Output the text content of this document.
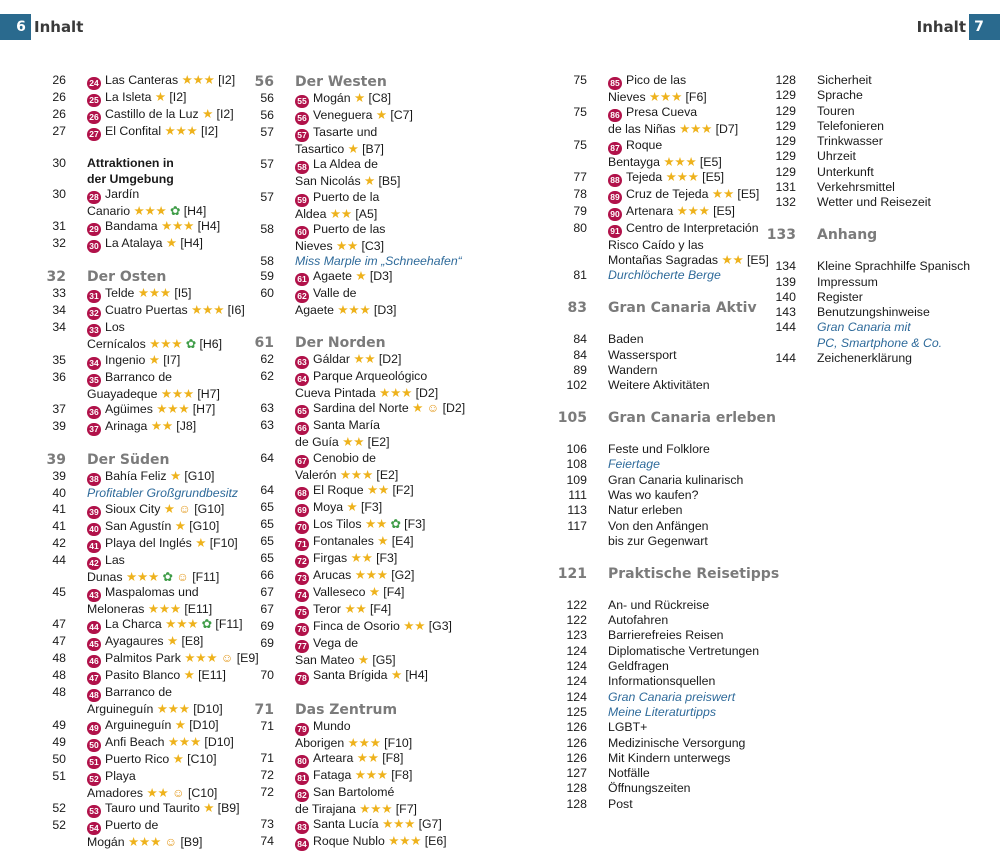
6 Inhalt	Inhalt 7
26	24 Las Canteras ★★★ [I2]
26	25 La Isleta ★ [I2]
26	26 Castillo de la Luz ★ [I2]
27	27 El Confital ★★★ [I2]
30	Attraktionen in
der Umgebung
30	28 Jardín
Canario ★★★ ✿ [H4]
31	29 Bandama ★★★ [H4]
32	30 La Atalaya ★ [H4]
32	Der Osten
33	31 Telde ★★★ [I5]
34	32 Cuatro Puertas ★★★ [I6]
34	33 Los
Cernícalos ★★★ ✿ [H6]
35	34 Ingenio ★ [I7]
36	35 Barranco de
Guayadeque ★★★ [H7]
37	36 Agüimes ★★★ [H7]
39	37 Arinaga ★★ [J8]
39	Der Süden
39	38 Bahía Feliz ★ [G10]
40	Profitabler Großgrundbesitz
41	39 Sioux City ★ ☺ [G10]
41	40 San Agustín ★ [G10]
42	41 Playa del Inglés ★ [F10]
44	42 Las
Dunas ★★★ ✿ ☺ [F11]
45	43 Maspalomas und
Meloneras ★★★ [E11]
47	44 La Charca ★★★ ✿ [F11]
47	45 Ayagaures ★ [E8]
48	46 Palmitos Park ★★★ ☺ [E9]
48	47 Pasito Blanco ★ [E11]
48	48 Barranco de
Arguineguín ★★★ [D10]
49	49 Arguineguín ★ [D10]
49	50 Anfi Beach ★★★ [D10]
50	51 Puerto Rico ★ [C10]
51	52 Playa
Amadores ★★ ☺ [C10]
52	53 Tauro und Taurito ★ [B9]
52	54 Puerto de
Mogán ★★★ ☺ [B9]
56	Der Westen
56	55 Mogán ★ [C8]
56	56 Veneguera ★ [C7]
57	57 Tasarte und
Tasartico ★ [B7]
57	58 La Aldea de
San Nicolás ★ [B5]
57	59 Puerto de la
Aldea ★★ [A5]
58	60 Puerto de las
Nieves ★★ [C3]
58	Miss Marple im „Schneehafen“
59	61 Agaete ★ [D3]
60	62 Valle de
Agaete ★★★ [D3]
61	Der Norden
62	63 Gáldar ★★ [D2]
62	64 Parque Arqueológico
Cueva Pintada ★★★ [D2]
63	65 Sardina del Norte ★ ☺ [D2]
63	66 Santa María
de Guía ★★ [E2]
64	67 Cenobio de
Valerón ★★★ [E2]
64	68 El Roque ★★ [F2]
65	69 Moya ★ [F3]
65	70 Los Tilos ★★ ✿ [F3]
65	71 Fontanales ★ [E4]
65	72 Firgas ★★ [F3]
66	73 Arucas ★★★ [G2]
67	74 Valleseco ★ [F4]
67	75 Teror ★★ [F4]
69	76 Finca de Osorio ★★ [G3]
69	77 Vega de
San Mateo ★ [G5]
70	78 Santa Brígida ★ [H4]
71	Das Zentrum
71	79 Mundo
Aborigen ★★★ [F10]
71	80 Arteara ★★ [F8]
72	81 Fataga ★★★ [F8]
72	82 San Bartolomé
de Tirajana ★★★ [F7]
73	83 Santa Lucía ★★★ [G7]
74	84 Roque Nublo ★★★ [E6]
75	85 Pico de las
Nieves ★★★ [F6]
75	86 Presa Cueva
de las Niñas ★★★ [D7]
75	87 Roque
Bentayga ★★★ [E5]
77	88 Tejeda ★★★ [E5]
78	89 Cruz de Tejeda ★★ [E5]
79	90 Artenara ★★★ [E5]
80	91 Centro de Interpretación
Risco Caído y las
Montañas Sagradas ★★ [E5]
81	Durchlöcherte Berge
83	Gran Canaria Aktiv
84	Baden
84	Wassersport
89	Wandern
102	Weitere Aktivitäten
105	Gran Canaria erleben
106	Feste und Folklore
108	Feiertage
109	Gran Canaria kulinarisch
111	Was wo kaufen?
113	Natur erleben
117	Von den Anfängen
bis zur Gegenwart
121	Praktische Reisetipps
122	An- und Rückreise
122	Autofahren
123	Barrierefreies Reisen
124	Diplomatische Vertretungen
124	Geldfragen
124	Informationsquellen
124	Gran Canaria preiswert
125	Meine Literaturtipps
126	LGBT+
126	Medizinische Versorgung
126	Mit Kindern unterwegs
127	Notfälle
128	Öffnungszeiten
128	Post
128	Sicherheit
129	Sprache
129	Touren
129	Telefonieren
129	Trinkwasser
129	Uhrzeit
129	Unterkunft
131	Verkehrsmittel
132	Wetter und Reisezeit
133	Anhang
134	Kleine Sprachhilfe Spanisch
139	Impressum
140	Register
143	Benutzungshinweise
144	Gran Canaria mit
PC, Smartphone & Co.
144	Zeichenerklärung
